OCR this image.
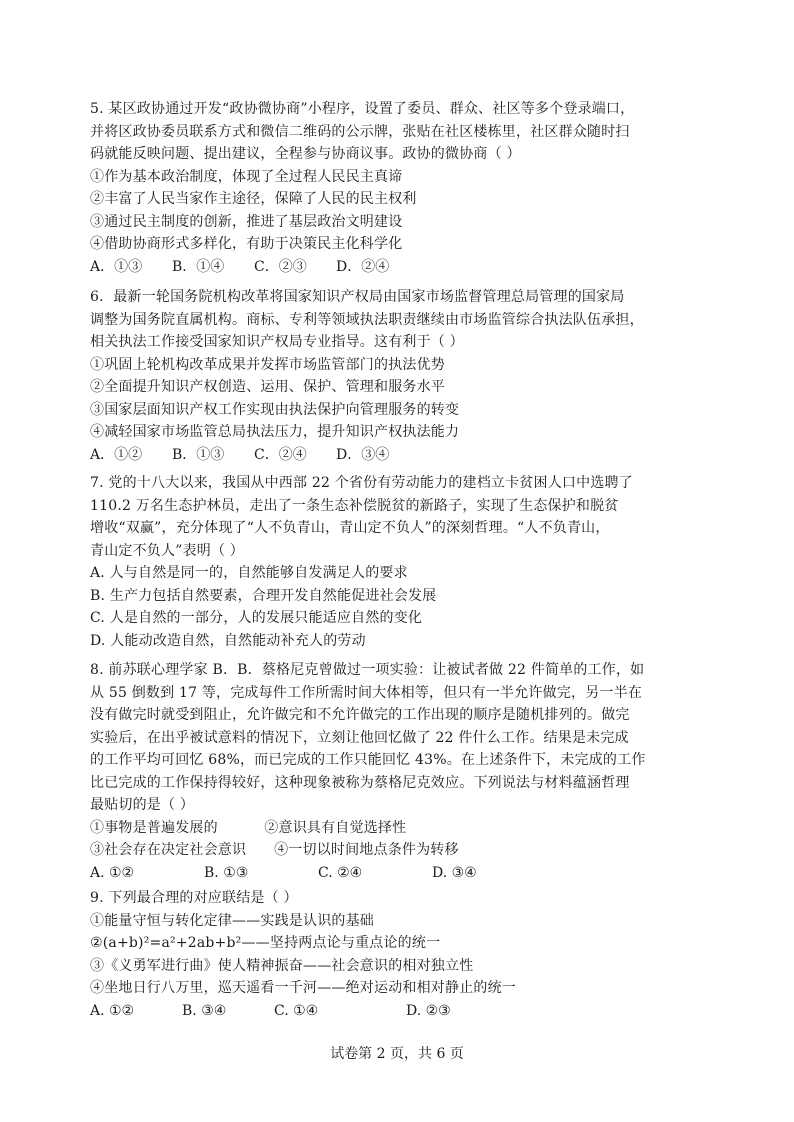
5. 某区政协通过开发“政协微协商”小程序，设置了委员、群众、社区等多个登录端口，
并将区政协委员联系方式和微信二维码的公示牌，张贴在社区楼栋里，社区群众随时扫
码就能反映问题、提出建议，全程参与协商议事。政协的微协商（ ）
①作为基本政治制度，体现了全过程人民民主真谛
②丰富了人民当家作主途径，保障了人民的民主权利
③通过民主制度的创新，推进了基层政治文明建设
④借助协商形式多样化，有助于决策民主化科学化
A．①③ B．①④ C．②③ D．②④
6．最新一轮国务院机构改革将国家知识产权局由国家市场监督管理总局管理的国家局
调整为国务院直属机构。商标、专利等领域执法职责继续由市场监管综合执法队伍承担，
相关执法工作接受国家知识产权局专业指导。这有利于（ ）
①巩固上轮机构改革成果并发挥市场监管部门的执法优势
②全面提升知识产权创造、运用、保护、管理和服务水平
③国家层面知识产权工作实现由执法保护向管理服务的转变
④减轻国家市场监管总局执法压力，提升知识产权执法能力
A．①② B．①③ C．②④ D．③④
7. 党的十八大以来，我国从中西部 22 个省份有劳动能力的建档立卡贫困人口中选聘了
110.2 万名生态护林员，走出了一条生态补偿脱贫的新路子，实现了生态保护和脱贫
增收“双赢”，充分体现了“人不负青山，青山定不负人”的深刻哲理。“人不负青山，
青山定不负人”表明（ ）
A. 人与自然是同一的，自然能够自发满足人的要求
B. 生产力包括自然要素，合理开发自然能促进社会发展
C. 人是自然的一部分，人的发展只能适应自然的变化
D. 人能动改造自然，自然能动补充人的劳动
8. 前苏联心理学家 B．B．蔡格尼克曾做过一项实验：让被试者做 22 件简单的工作，如
从 55 倒数到 17 等，完成每件工作所需时间大体相等，但只有一半允许做完，另一半在
没有做完时就受到阻止，允许做完和不允许做完的工作出现的顺序是随机排列的。做完
实验后，在出乎被试意料的情况下，立刻让他回忆做了 22 件什么工作。结果是未完成
的工作平均可回忆 68%，而已完成的工作只能回忆 43%。在上述条件下，未完成的工作
比已完成的工作保持得较好，这种现象被称为蔡格尼克效应。下列说法与材料蕴涵哲理
最贴切的是（ ）
①事物是普遍发展的          ②意识具有自觉选择性
③社会存在决定社会意识      ④一切以时间地点条件为转移
A. ①②	B. ①③	C. ②④	D. ③④
9. 下列最合理的对应联结是（ ）
①能量守恒与转化定律——实践是认识的基础
②(a+b)²=a²+2ab+b²——坚持两点论与重点论的统一
③《义勇军进行曲》使人精神振奋——社会意识的相对独立性
④坐地日行八万里，巡天遥看一千河——绝对运动和相对静止的统一
A. ①②	B. ③④	C. ①④	D. ②③
试卷第 2 页，共 6 页
